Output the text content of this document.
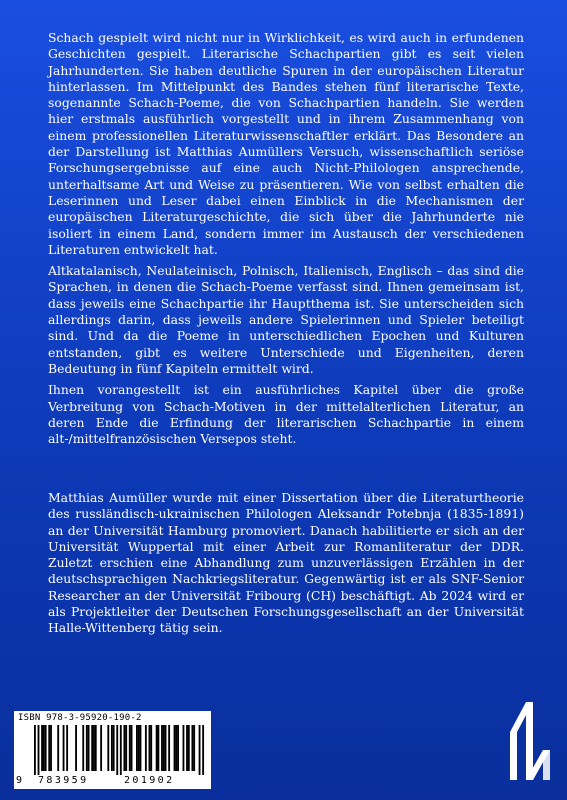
Schach gespielt wird nicht nur in Wirklichkeit, es wird auch in erfundenen Geschichten gespielt. Literarische Schachpartien gibt es seit vielen Jahrhunderten. Sie haben deutliche Spuren in der europäischen Literatur hinterlassen. Im Mittelpunkt des Bandes stehen fünf literarische Texte, sogenannte Schach-Poeme, die von Schachpartien handeln. Sie werden hier erstmals ausführlich vorgestellt und in ihrem Zusammenhang von einem professionellen Literaturwissenschaftler erklärt. Das Besondere an der Darstellung ist Matthias Aumüllers Versuch, wissenschaftlich seriöse Forschungsergebnisse auf eine auch Nicht-Philologen ansprechende, unterhaltsame Art und Weise zu präsentieren. Wie von selbst erhalten die Leserinnen und Leser dabei einen Einblick in die Mechanismen der europäischen Literaturgeschichte, die sich über die Jahrhunderte nie isoliert in einem Land, sondern immer im Austausch der verschiedenen Literaturen entwickelt hat.

Altkatalanisch, Neulateinisch, Polnisch, Italienisch, Englisch – das sind die Sprachen, in denen die Schach-Poeme verfasst sind. Ihnen gemeinsam ist, dass jeweils eine Schachpartie ihr Hauptthema ist. Sie unterscheiden sich allerdings darin, dass jeweils andere Spielerinnen und Spieler beteiligt sind. Und da die Poeme in unterschiedlichen Epochen und Kulturen entstanden, gibt es weitere Unterschiede und Eigenheiten, deren Bedeutung in fünf Kapiteln ermittelt wird.

Ihnen vorangestellt ist ein ausführliches Kapitel über die große Verbreitung von Schach-Motiven in der mittelalterlichen Literatur, an deren Ende die Erfindung der literarischen Schachpartie in einem alt-/mittelfranzösischen Versepos steht.

Matthias Aumüller wurde mit einer Dissertation über die Literaturtheorie des russländisch-ukrainischen Philologen Aleksandr Potebnja (1835-1891) an der Universität Hamburg promoviert. Danach habilitierte er sich an der Universität Wuppertal mit einer Arbeit zur Romanliteratur der DDR. Zuletzt erschien eine Abhandlung zum unzuverlässigen Erzählen in der deutschsprachigen Nachkriegsliteratur. Gegenwärtig ist er als SNF-Senior Researcher an der Universität Fribourg (CH) beschäftigt. Ab 2024 wird er als Projektleiter der Deutschen Forschungsgesellschaft an der Universität Halle-Wittenberg tätig sein.

ISBN 978-3-95920-190-2
9 783959	201902
